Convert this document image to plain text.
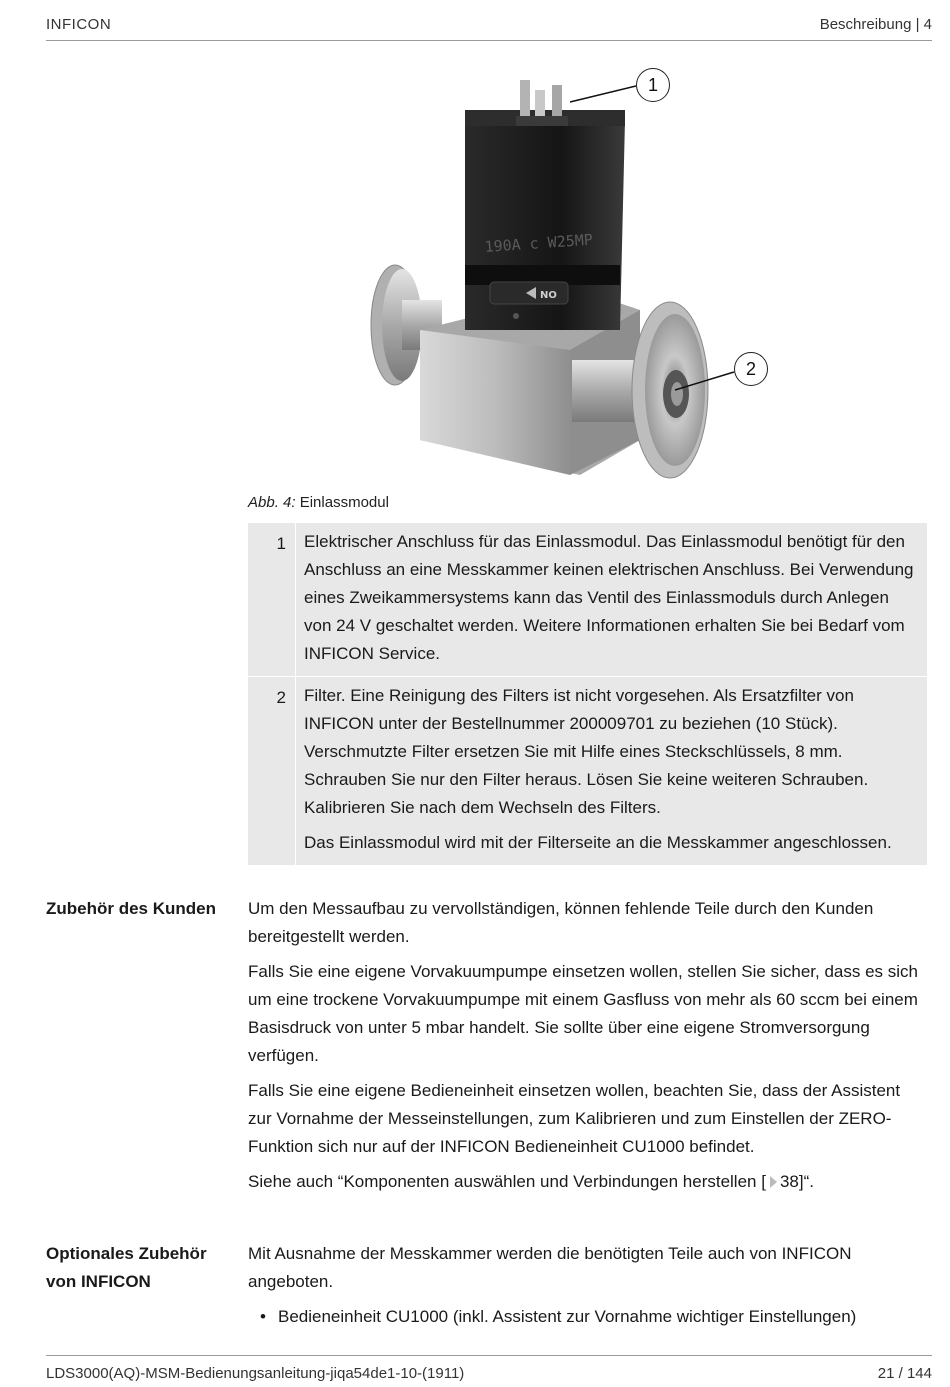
INFICON	Beschreibung | 4
NO
190A c W25MP
1
2
Abb. 4: Einlassmodul
1	Elektrischer Anschluss für das Einlassmodul. Das Einlassmodul benötigt für den Anschluss an eine Messkammer keinen elektrischen Anschluss. Bei Verwendung eines Zweikammersystems kann das Ventil des Einlassmoduls durch Anlegen von 24 V geschaltet werden. Weitere Informationen erhalten Sie bei Bedarf vom INFICON Service.

2	Filter. Eine Reinigung des Filters ist nicht vorgesehen. Als Ersatzfilter von INFICON unter der Bestellnummer 200009701 zu beziehen (10 Stück). Verschmutzte Filter ersetzen Sie mit Hilfe eines Steckschlüssels, 8 mm. Schrauben Sie nur den Filter heraus. Lösen Sie keine weiteren Schrauben. Kalibrieren Sie nach dem Wechseln des Filters.

Das Einlassmodul wird mit der Filterseite an die Messkammer angeschlossen.

Zubehör des Kunden	Um den Messaufbau zu vervollständigen, können fehlende Teile durch den Kunden bereitgestellt werden.

Falls Sie eine eigene Vorvakuumpumpe einsetzen wollen, stellen Sie sicher, dass es sich um eine trockene Vorvakuumpumpe mit einem Gasfluss von mehr als 60 sccm bei einem Basisdruck von unter 5 mbar handelt. Sie sollte über eine eigene Stromversorgung verfügen.

Falls Sie eine eigene Bedieneinheit einsetzen wollen, beachten Sie, dass der Assistent zur Vornahme der Messeinstellungen, zum Kalibrieren und zum Einstellen der ZERO-Funktion sich nur auf der INFICON Bedieneinheit CU1000 befindet.

Siehe auch “Komponenten auswählen und Verbindungen herstellen [ 38]“.

Optionales Zubehör von INFICON

Mit Ausnahme der Messkammer werden die benötigten Teile auch von INFICON angeboten.

• Bedieneinheit CU1000 (inkl. Assistent zur Vornahme wichtiger Einstellungen)
LDS3000(AQ)-MSM-Bedienungsanleitung-jiqa54de1-10-(1911)	21 / 144
